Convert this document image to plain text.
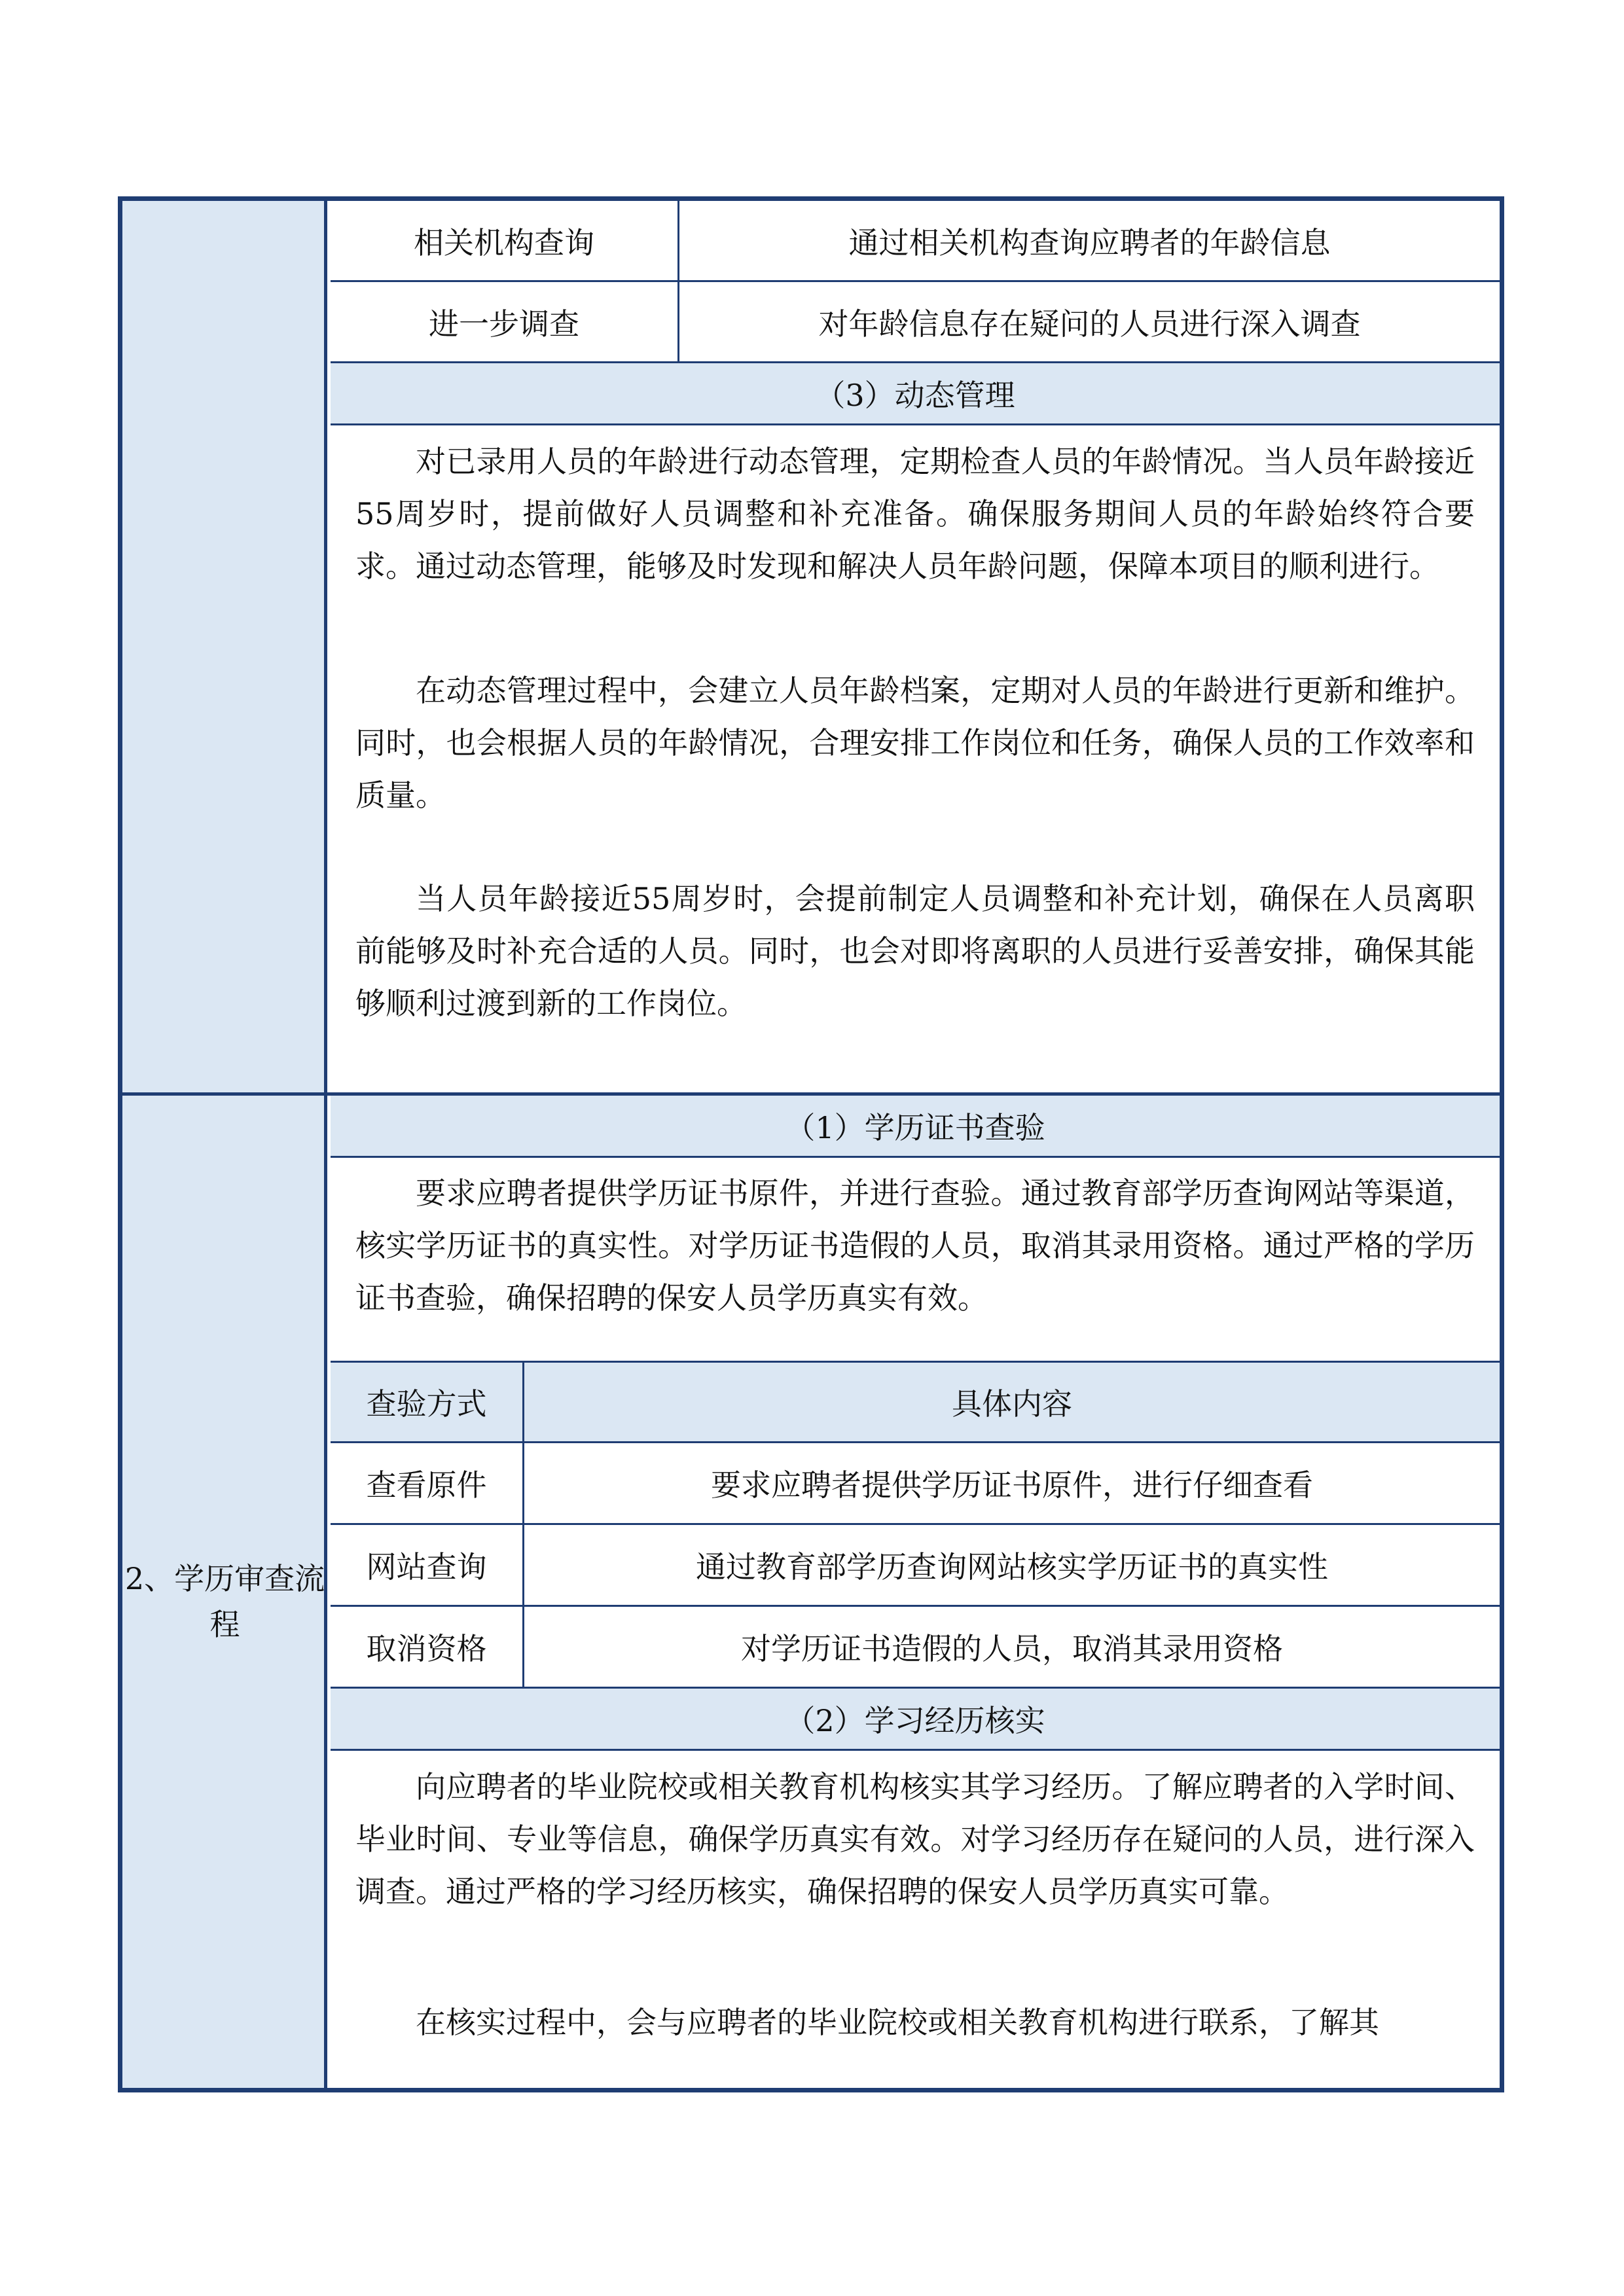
2、学历审查流程
相关机构查询	通过相关机构查询应聘者的年龄信息
进一步调查	对年龄信息存在疑问的人员进行深入调查
（3）动态管理

对已录用人员的年龄进行动态管理，定期检查人员的年龄情况。当人员年龄接近55周岁时，提前做好人员调整和补充准备。确保服务期间人员的年龄始终符合要求。通过动态管理，能够及时发现和解决人员年龄问题，保障本项目的顺利进行。

在动态管理过程中，会建立人员年龄档案，定期对人员的年龄进行更新和维护。同时，也会根据人员的年龄情况，合理安排工作岗位和任务，确保人员的工作效率和质量。

当人员年龄接近55周岁时，会提前制定人员调整和补充计划，确保在人员离职前能够及时补充合适的人员。同时，也会对即将离职的人员进行妥善安排，确保其能够顺利过渡到新的工作岗位。

（1）学历证书查验

要求应聘者提供学历证书原件，并进行查验。通过教育部学历查询网站等渠道，核实学历证书的真实性。对学历证书造假的人员，取消其录用资格。通过严格的学历证书查验，确保招聘的保安人员学历真实有效。

查验方式	具体内容
查看原件	要求应聘者提供学历证书原件，进行仔细查看
网站查询	通过教育部学历查询网站核实学历证书的真实性
取消资格	对学历证书造假的人员，取消其录用资格
（2）学习经历核实

向应聘者的毕业院校或相关教育机构核实其学习经历。了解应聘者的入学时间、毕业时间、专业等信息，确保学历真实有效。对学习经历存在疑问的人员，进行深入调查。通过严格的学习经历核实，确保招聘的保安人员学历真实可靠。

在核实过程中，会与应聘者的毕业院校或相关教育机构进行联系，了解其
